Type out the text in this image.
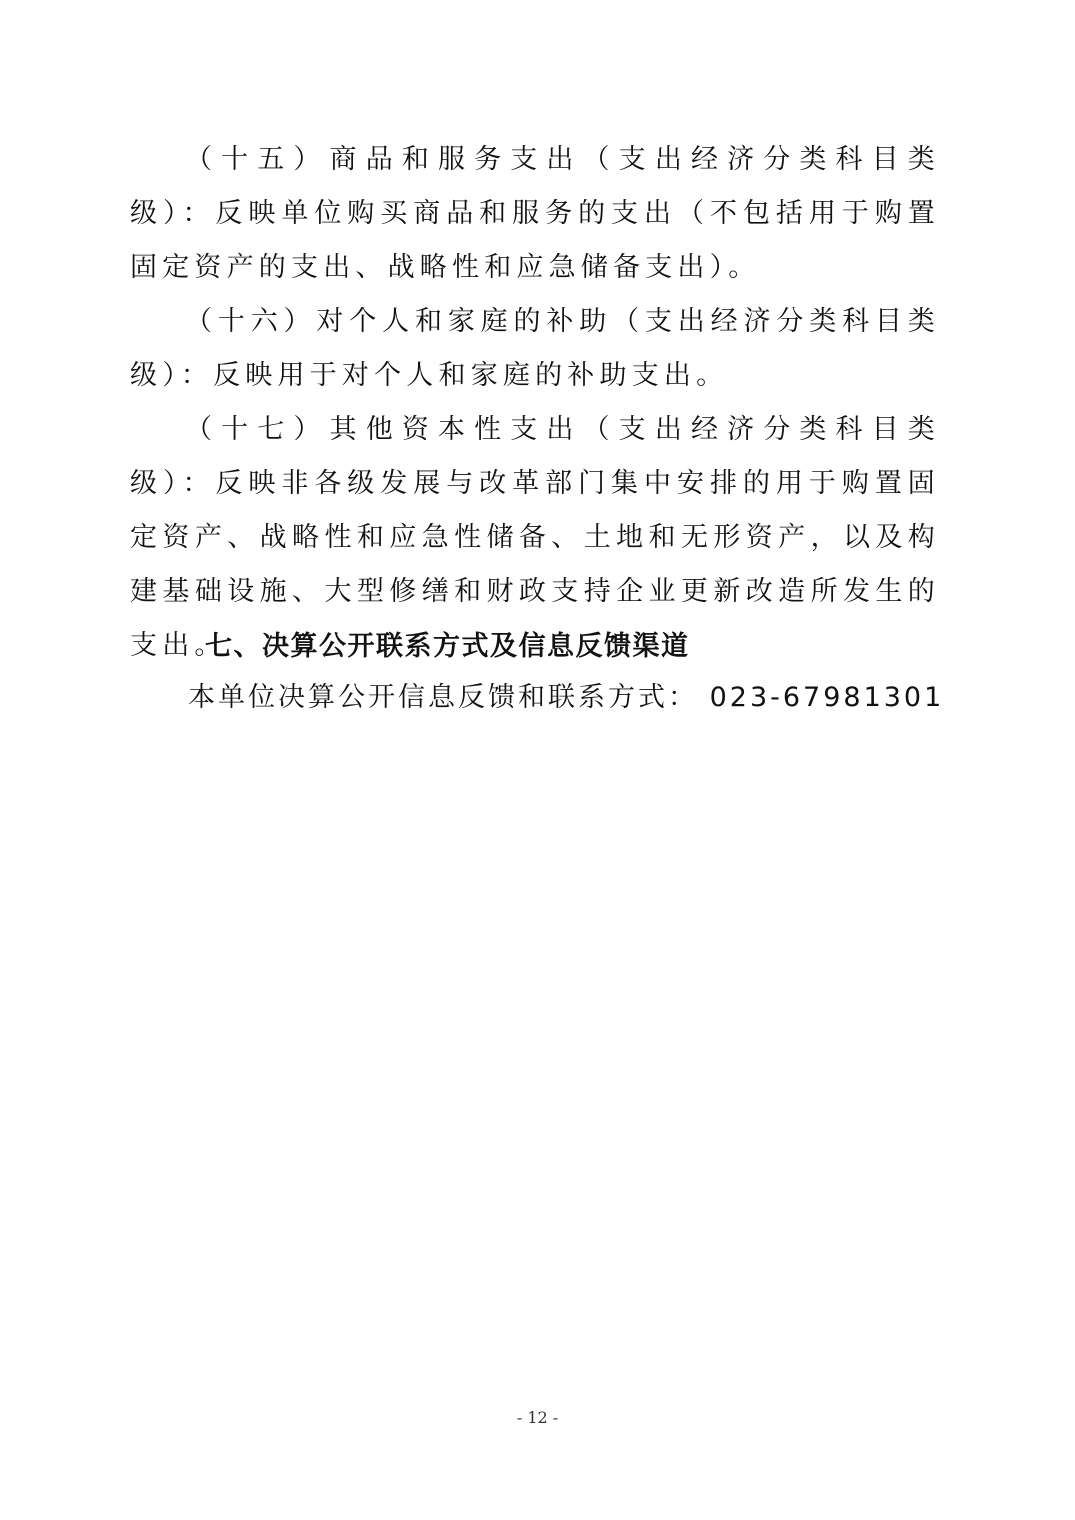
（十五）商品和服务支出（支出经济分类科目类级）：反映单位购买商品和服务的支出（不包括用于购置固定资产的支出、战略性和应急储备支出）。

（十六）对个人和家庭的补助（支出经济分类科目类级）：反映用于对个人和家庭的补助支出。

（十七）其他资本性支出（支出经济分类科目类级）：反映非各级发展与改革部门集中安排的用于购置固定资产、战略性和应急性储备、土地和无形资产，以及构建基础设施、大型修缮和财政支持企业更新改造所发生的支出。

七、决算公开联系方式及信息反馈渠道

本单位决算公开信息反馈和联系方式： 023-67981301

- 12 -
